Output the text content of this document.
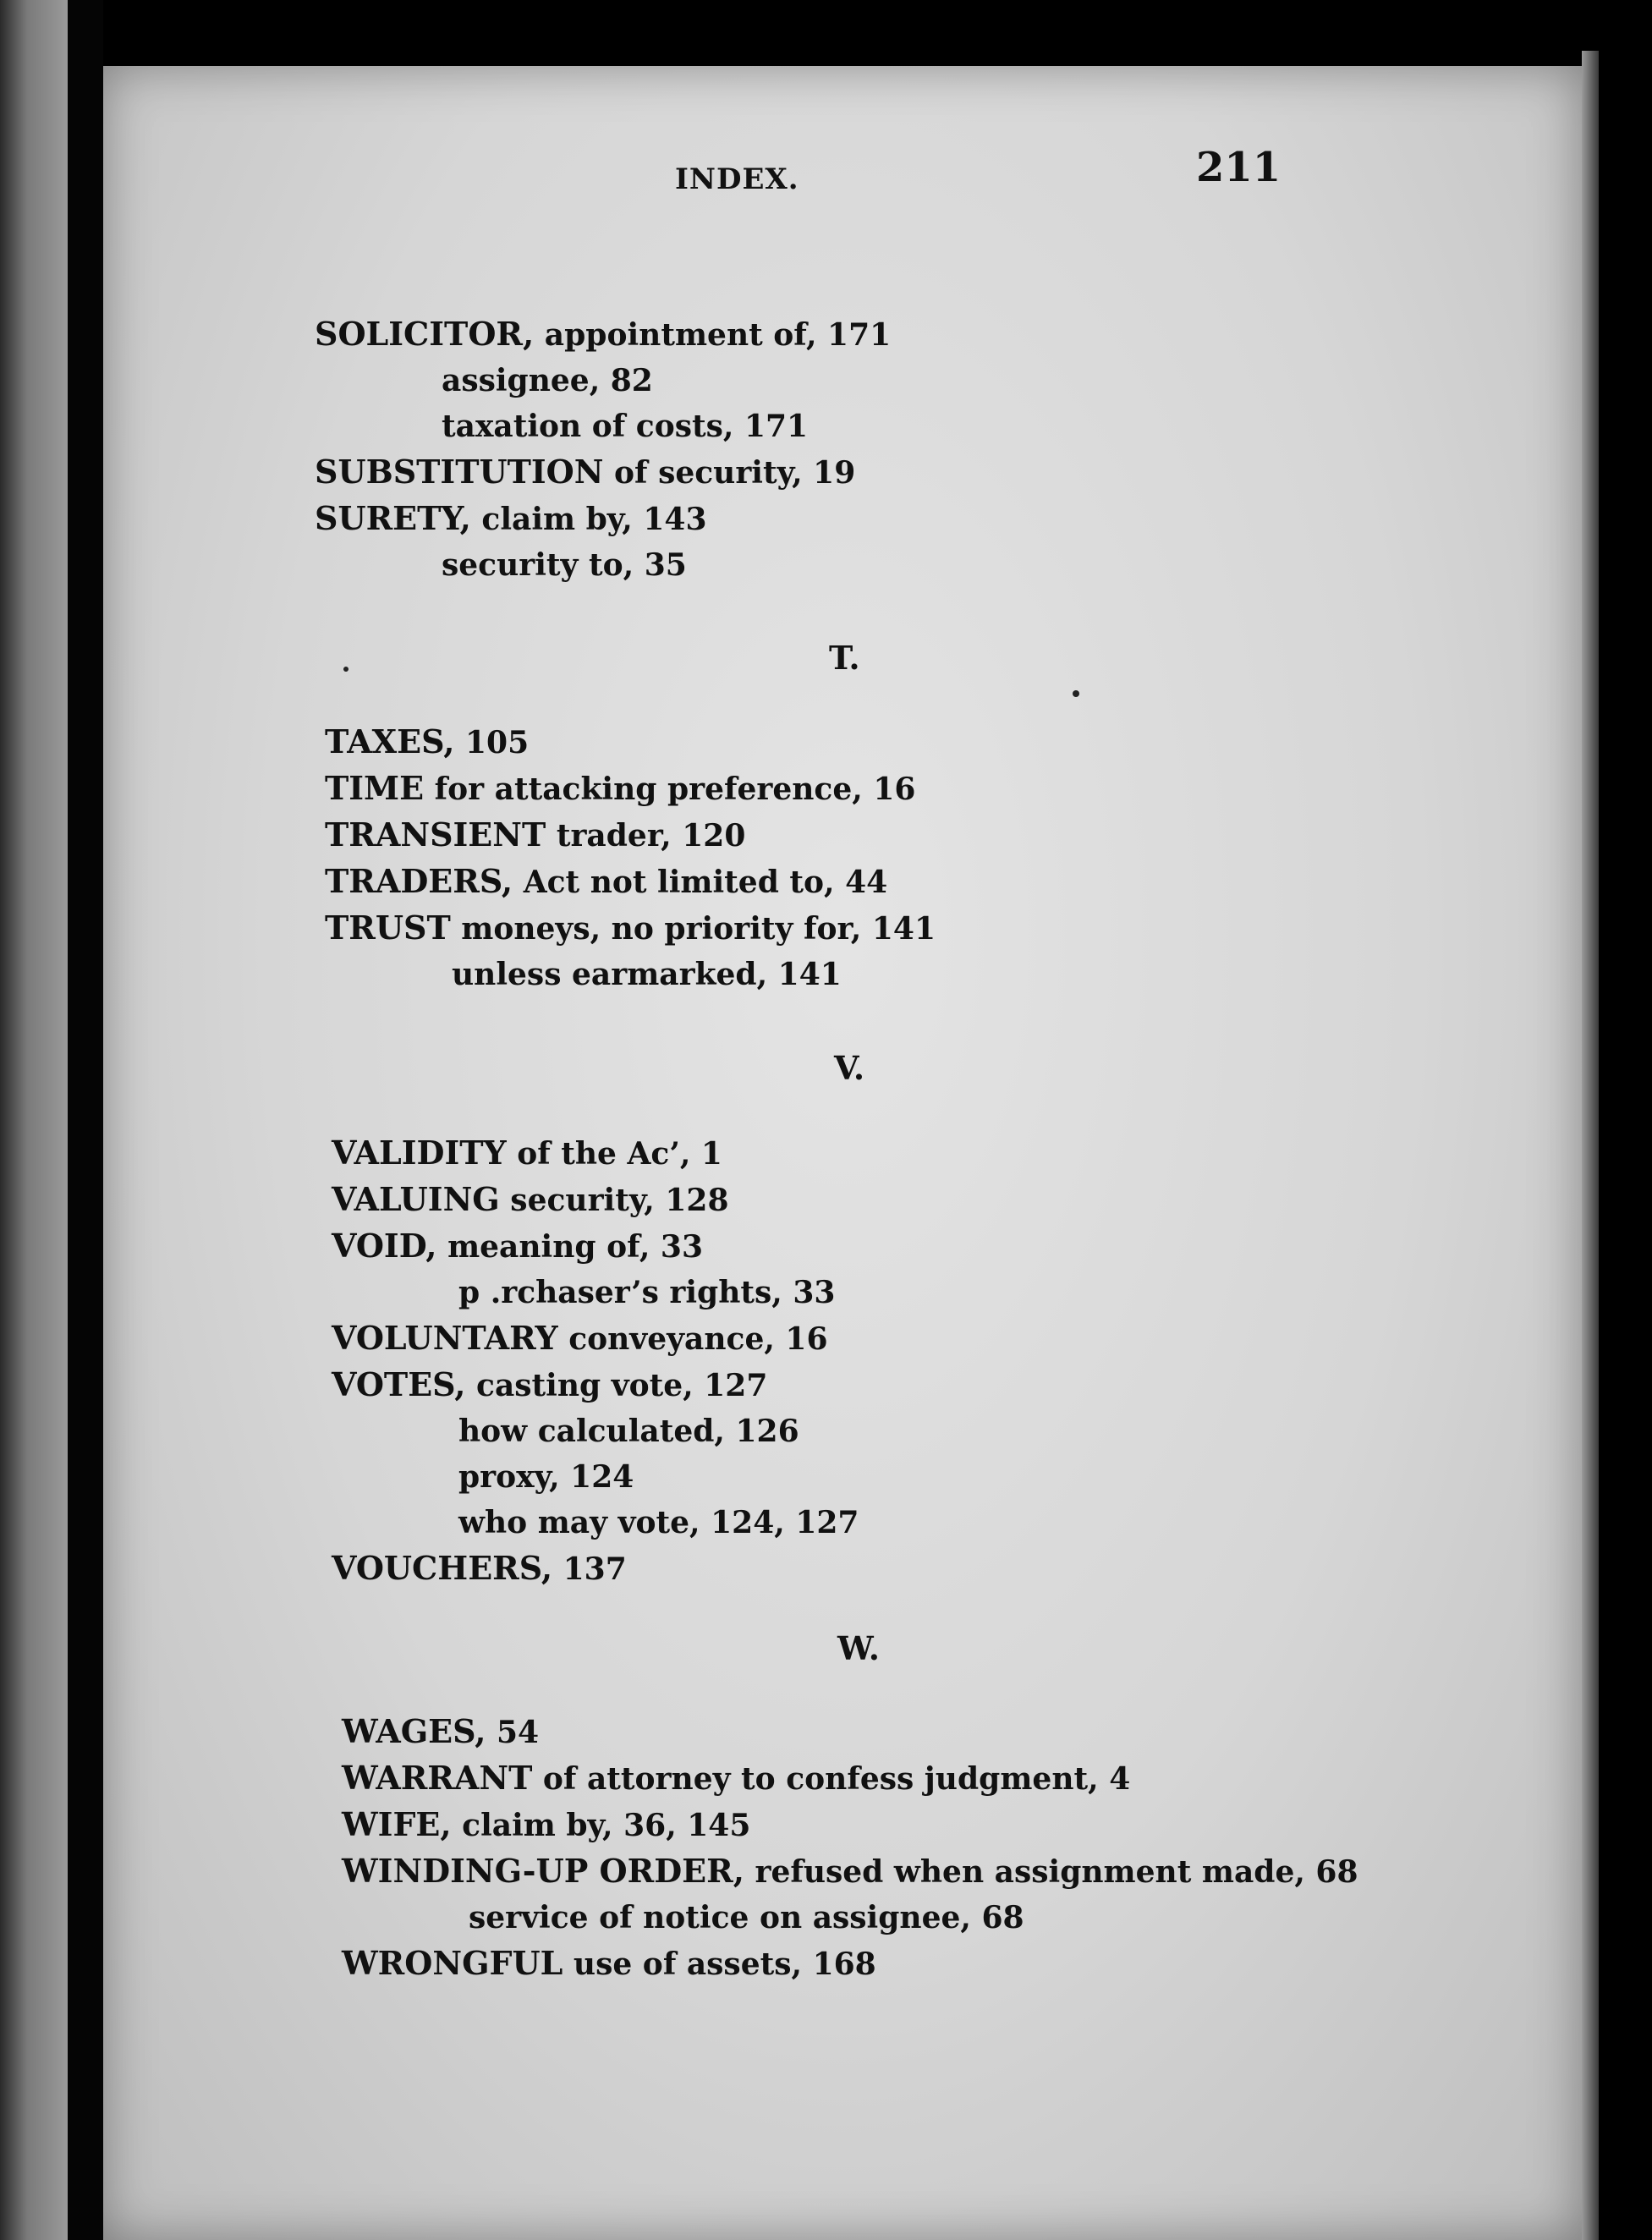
INDEX.	211
SOLICITOR, appointment of, 171
assignee, 82
taxation of costs, 171
SUBSTITUTION of security, 19
SURETY, claim by, 143
security to, 35
T.
TAXES, 105
TIME for attacking preference, 16
TRANSIENT trader, 120
TRADERS, Act not limited to, 44
TRUST moneys, no priority for, 141
unless earmarked, 141
V.
VALIDITY of the Ac’, 1
VALUING security, 128
VOID, meaning of, 33
p .rchaser’s rights, 33
VOLUNTARY conveyance, 16
VOTES, casting vote, 127
how calculated, 126
proxy, 124
who may vote, 124, 127
VOUCHERS, 137
W.
WAGES, 54
WARRANT of attorney to confess judgment, 4
WIFE, claim by, 36, 145
WINDING-UP ORDER, refused when assignment made, 68
service of notice on assignee, 68
WRONGFUL use of assets, 168
